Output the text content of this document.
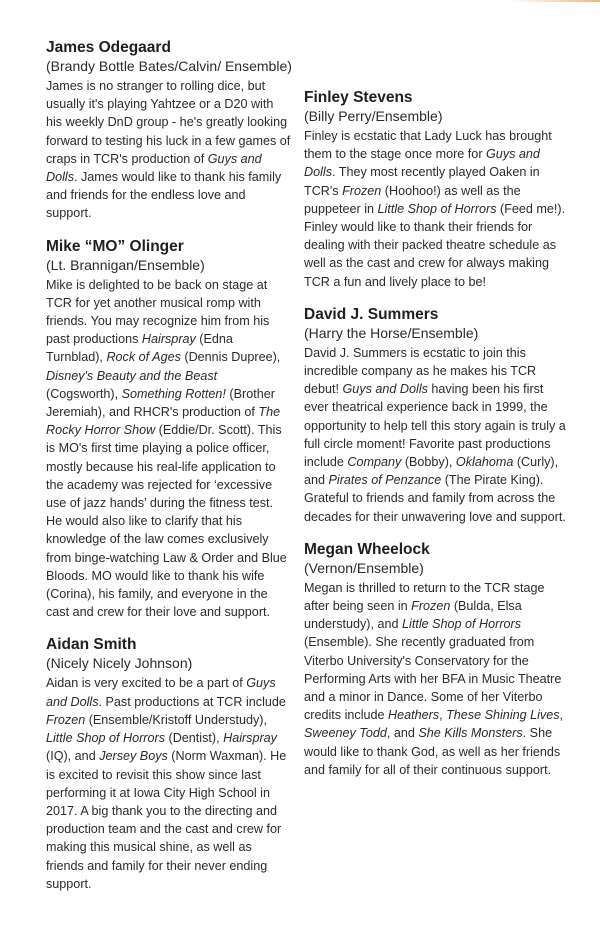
James Odegaard

(Brandy Bottle Bates/Calvin/ Ensemble)

James is no stranger to rolling dice, but usually it's playing Yahtzee or a D20 with his weekly DnD group - he's greatly looking forward to testing his luck in a few games of craps in TCR's production of Guys and Dolls. James would like to thank his family and friends for the endless love and support.

Mike “MO” Olinger

(Lt. Brannigan/Ensemble)

Mike is delighted to be back on stage at TCR for yet another musical romp with friends. You may recognize him from his past productions Hairspray (Edna Turnblad), Rock of Ages (Dennis Dupree), Disney's Beauty and the Beast (Cogsworth), Something Rotten! (Brother Jeremiah), and RHCR's production of The Rocky Horror Show (Eddie/Dr. Scott). This is MO's first time playing a police officer, mostly because his real-life application to the academy was rejected for ‘excessive use of jazz hands’ during the fitness test. He would also like to clarify that his knowledge of the law comes exclusively from binge-watching Law & Order and Blue Bloods. MO would like to thank his wife (Corina), his family, and everyone in the cast and crew for their love and support.

Aidan Smith

(Nicely Nicely Johnson)

Aidan is very excited to be a part of Guys and Dolls. Past productions at TCR include Frozen (Ensemble/Kristoff Understudy), Little Shop of Horrors (Dentist), Hairspray (IQ), and Jersey Boys (Norm Waxman). He is excited to revisit this show since last performing it at Iowa City High School in 2017. A big thank you to the directing and production team and the cast and crew for making this musical shine, as well as friends and family for their never ending support.

Finley Stevens

(Billy Perry/Ensemble)

Finley is ecstatic that Lady Luck has brought them to the stage once more for Guys and Dolls. They most recently played Oaken in TCR's Frozen (Hoohoo!) as well as the puppeteer in Little Shop of Horrors (Feed me!). Finley would like to thank their friends for dealing with their packed theatre schedule as well as the cast and crew for always making TCR a fun and lively place to be!

David J. Summers

(Harry the Horse/Ensemble)

David J. Summers is ecstatic to join this incredible company as he makes his TCR debut! Guys and Dolls having been his first ever theatrical experience back in 1999, the opportunity to help tell this story again is truly a full circle moment! Favorite past productions include Company (Bobby), Oklahoma (Curly), and Pirates of Penzance (The Pirate King). Grateful to friends and family from across the decades for their unwavering love and support.

Megan Wheelock

(Vernon/Ensemble)

Megan is thrilled to return to the TCR stage after being seen in Frozen (Bulda, Elsa understudy), and Little Shop of Horrors (Ensemble). She recently graduated from Viterbo University's Conservatory for the Performing Arts with her BFA in Music Theatre and a minor in Dance. Some of her Viterbo credits include Heathers, These Shining Lives, Sweeney Todd, and She Kills Monsters. She would like to thank God, as well as her friends and family for all of their continuous support.
